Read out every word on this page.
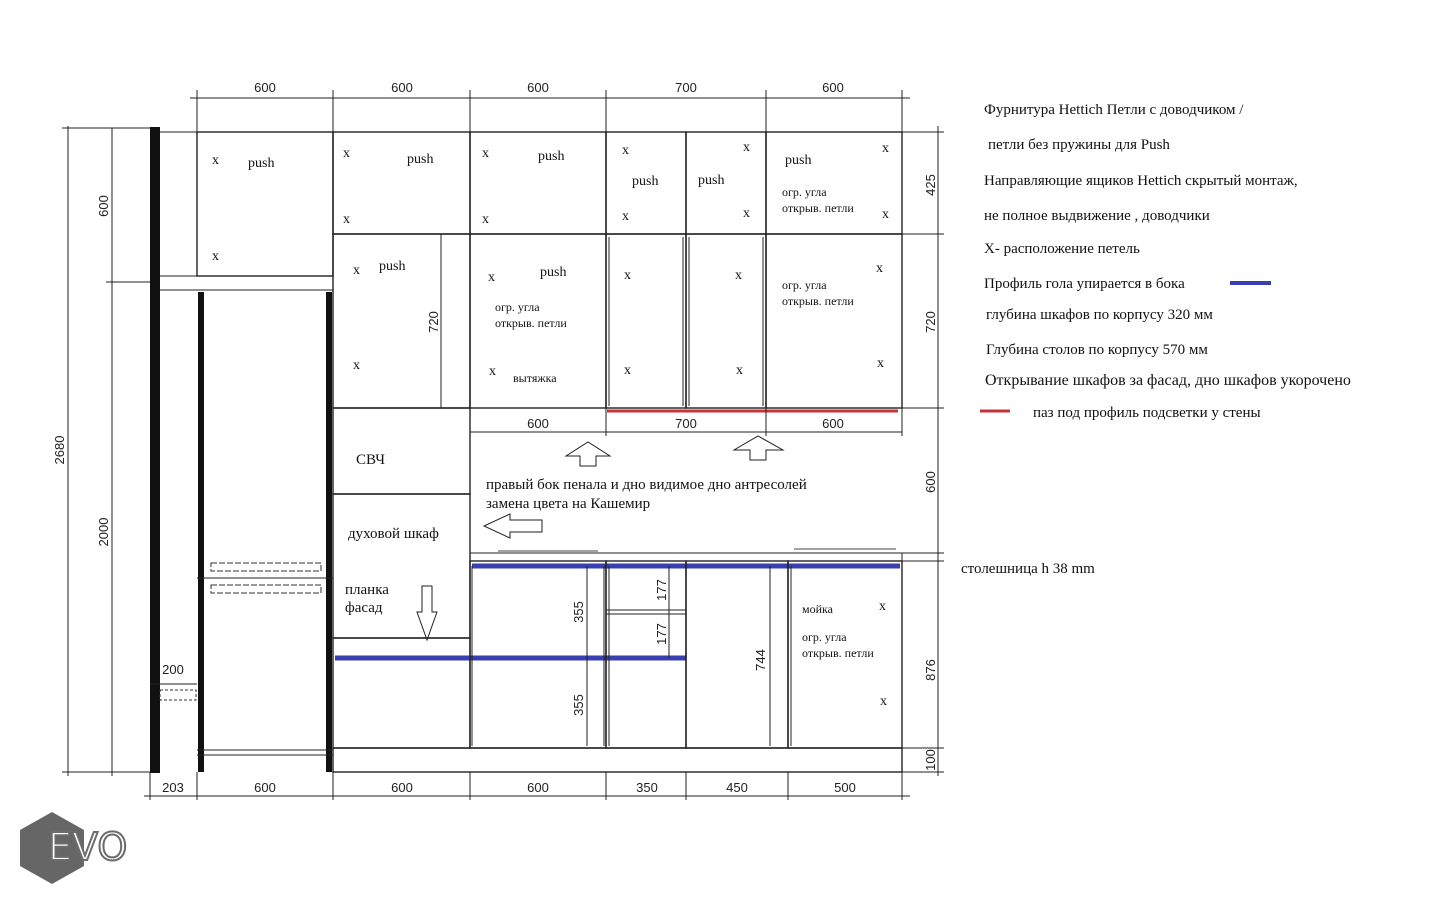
600	600	600	700	600
2680
600
2000
x push
x
200
x	push
x
x	push
x
x
push
x
x
push
x
push
x
огр. угла
открыв. петли x
720
x push
x
x	push
огр. угла
открыв. петли
x вытяжка
x
x
x
x
x
огр. угла
открыв. петли
x
600	700	600
СВЧ
духовой шкаф
планка
фасад
правый бок пенала и дно видимое дно антресолей
замена цвета на Кашемир
355
355
177
177
744
мойка	x
огр. угла
открыв. петли
x
425
720
600
876
100
203	600	600	600	350	450	500
столешница h 38 mm
Фурнитура Hettich Петли с доводчиком /
петли без пружины для Push
Направляющие ящиков Hettich скрытый монтаж,
не полное выдвижение , доводчики
Х- расположение петель
Профиль гола упирается в бока
глубина шкафов по корпусу 320 мм
Глубина столов по корпусу 570 мм
Открывание шкафов за фасад, дно шкафов укорочено
паз под профиль подсветки у стены
EVO
